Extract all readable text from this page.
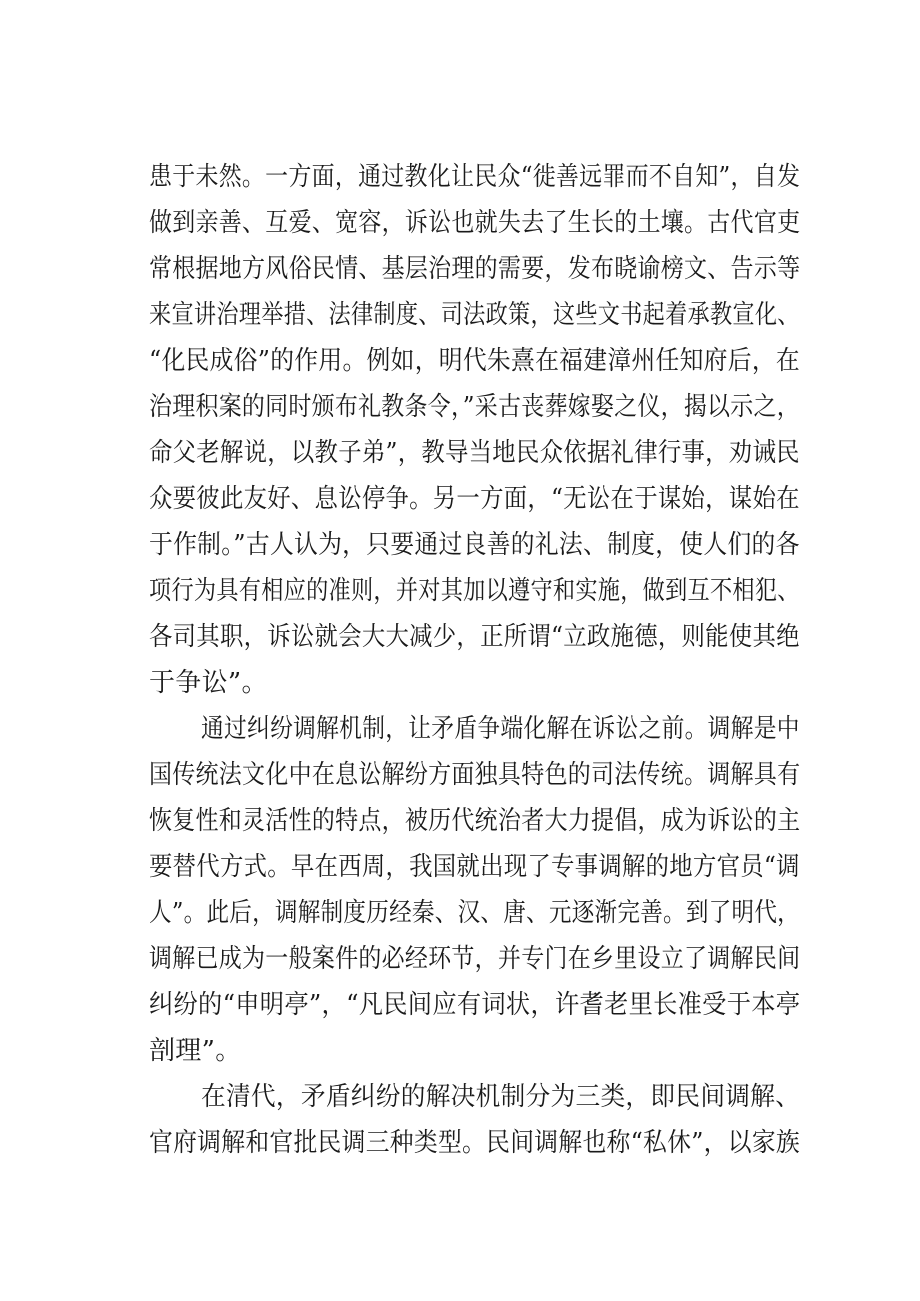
患于未然。一方面，通过教化让民众“徙善远罪而不自知”，自发
做到亲善、互爱、宽容，诉讼也就失去了生长的土壤。古代官吏
常根据地方风俗民情、基层治理的需要，发布晓谕榜文、告示等
来宣讲治理举措、法律制度、司法政策，这些文书起着承教宣化、
“化民成俗”的作用。例如，明代朱熹在福建漳州任知府后，在
治理积案的同时颁布礼教条令，”采古丧葬嫁娶之仪，揭以示之，
命父老解说，以教子弟”，教导当地民众依据礼律行事，劝诫民
众要彼此友好、息讼停争。另一方面，“无讼在于谋始，谋始在
于作制。”古人认为，只要通过良善的礼法、制度，使人们的各
项行为具有相应的准则，并对其加以遵守和实施，做到互不相犯、
各司其职，诉讼就会大大减少，正所谓“立政施德，则能使其绝
于争讼”。
通过纠纷调解机制，让矛盾争端化解在诉讼之前。调解是中
国传统法文化中在息讼解纷方面独具特色的司法传统。调解具有
恢复性和灵活性的特点，被历代统治者大力提倡，成为诉讼的主
要替代方式。早在西周，我国就出现了专事调解的地方官员“调
人”。此后，调解制度历经秦、汉、唐、元逐渐完善。到了明代，
调解已成为一般案件的必经环节，并专门在乡里设立了调解民间
纠纷的“申明亭”，“凡民间应有词状，许耆老里长准受于本亭
剖理”。
在清代，矛盾纠纷的解决机制分为三类，即民间调解、
官府调解和官批民调三种类型。民间调解也称“私休”，以家族
